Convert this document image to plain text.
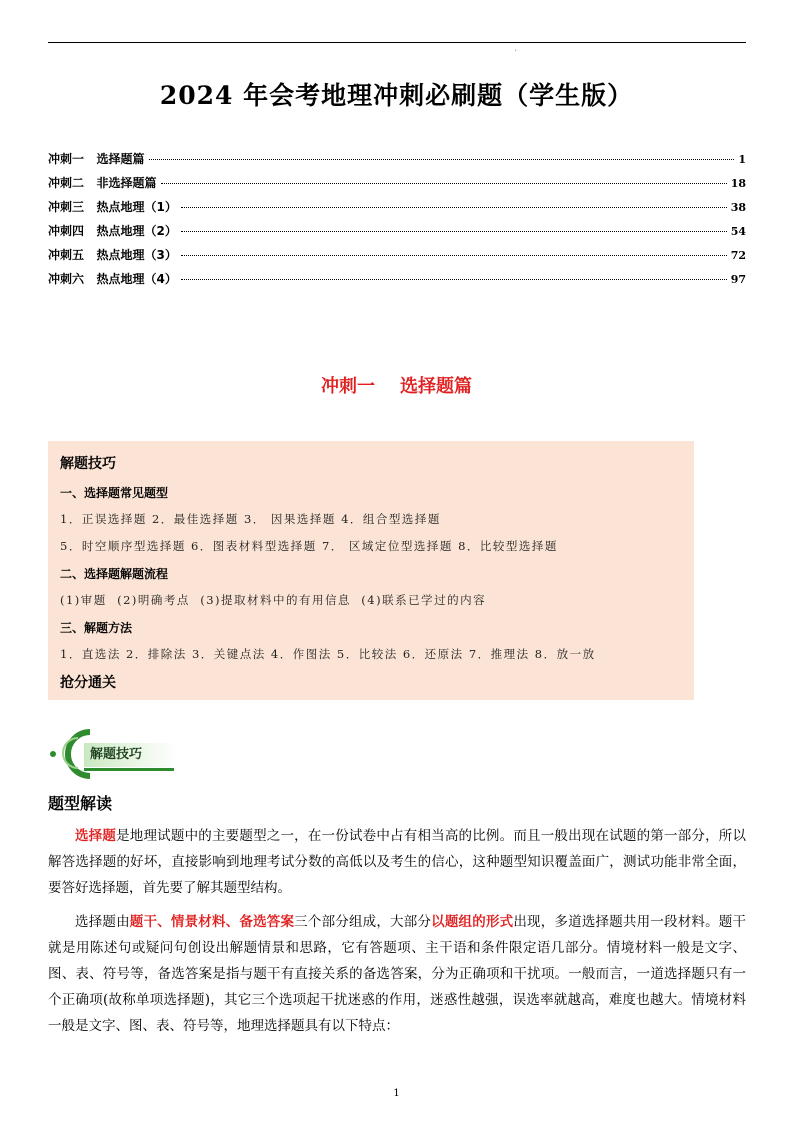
'
2024 年会考地理冲刺必刷题（学生版）
冲刺一   选择题篇	1
冲刺二   非选择题篇	18
冲刺三   热点地理（1）	38
冲刺四   热点地理（2）	54
冲刺五   热点地理（3）	72
冲刺六   热点地理（4）	97
冲刺一    选择题篇
解题技巧
一、选择题常见题型
1．正误选择题 2．最佳选择题 3． 因果选择题 4．组合型选择题
5．时空顺序型选择题 6．图表材料型选择题 7． 区域定位型选择题 8．比较型选择题
二、选择题解题流程
(1)审题  (2)明确考点  (3)提取材料中的有用信息  (4)联系已学过的内容
三、解题方法
1．直选法 2．排除法 3．关键点法 4．作图法 5．比较法 6．还原法 7．推理法 8．放一放
抢分通关
解题技巧
题型解读
选择题是地理试题中的主要题型之一，在一份试卷中占有相当高的比例。而且一般出现在试题的第一部分，所以解答选择题的好坏，直接影响到地理考试分数的高低以及考生的信心，这种题型知识覆盖面广，测试功能非常全面，要答好选择题，首先要了解其题型结构。
选择题由题干、情景材料、备选答案三个部分组成，大部分以题组的形式出现，多道选择题共用一段材料。题干就是用陈述句或疑问句创设出解题情景和思路，它有答题项、主干语和条件限定语几部分。情境材料一般是文字、图、表、符号等，备选答案是指与题干有直接关系的备选答案，分为正确项和干扰项。一般而言，一道选择题只有一个正确项(故称单项选择题)，其它三个选项起干扰迷惑的作用，迷惑性越强，误选率就越高，难度也越大。情境材料一般是文字、图、表、符号等，地理选择题具有以下特点：
1
